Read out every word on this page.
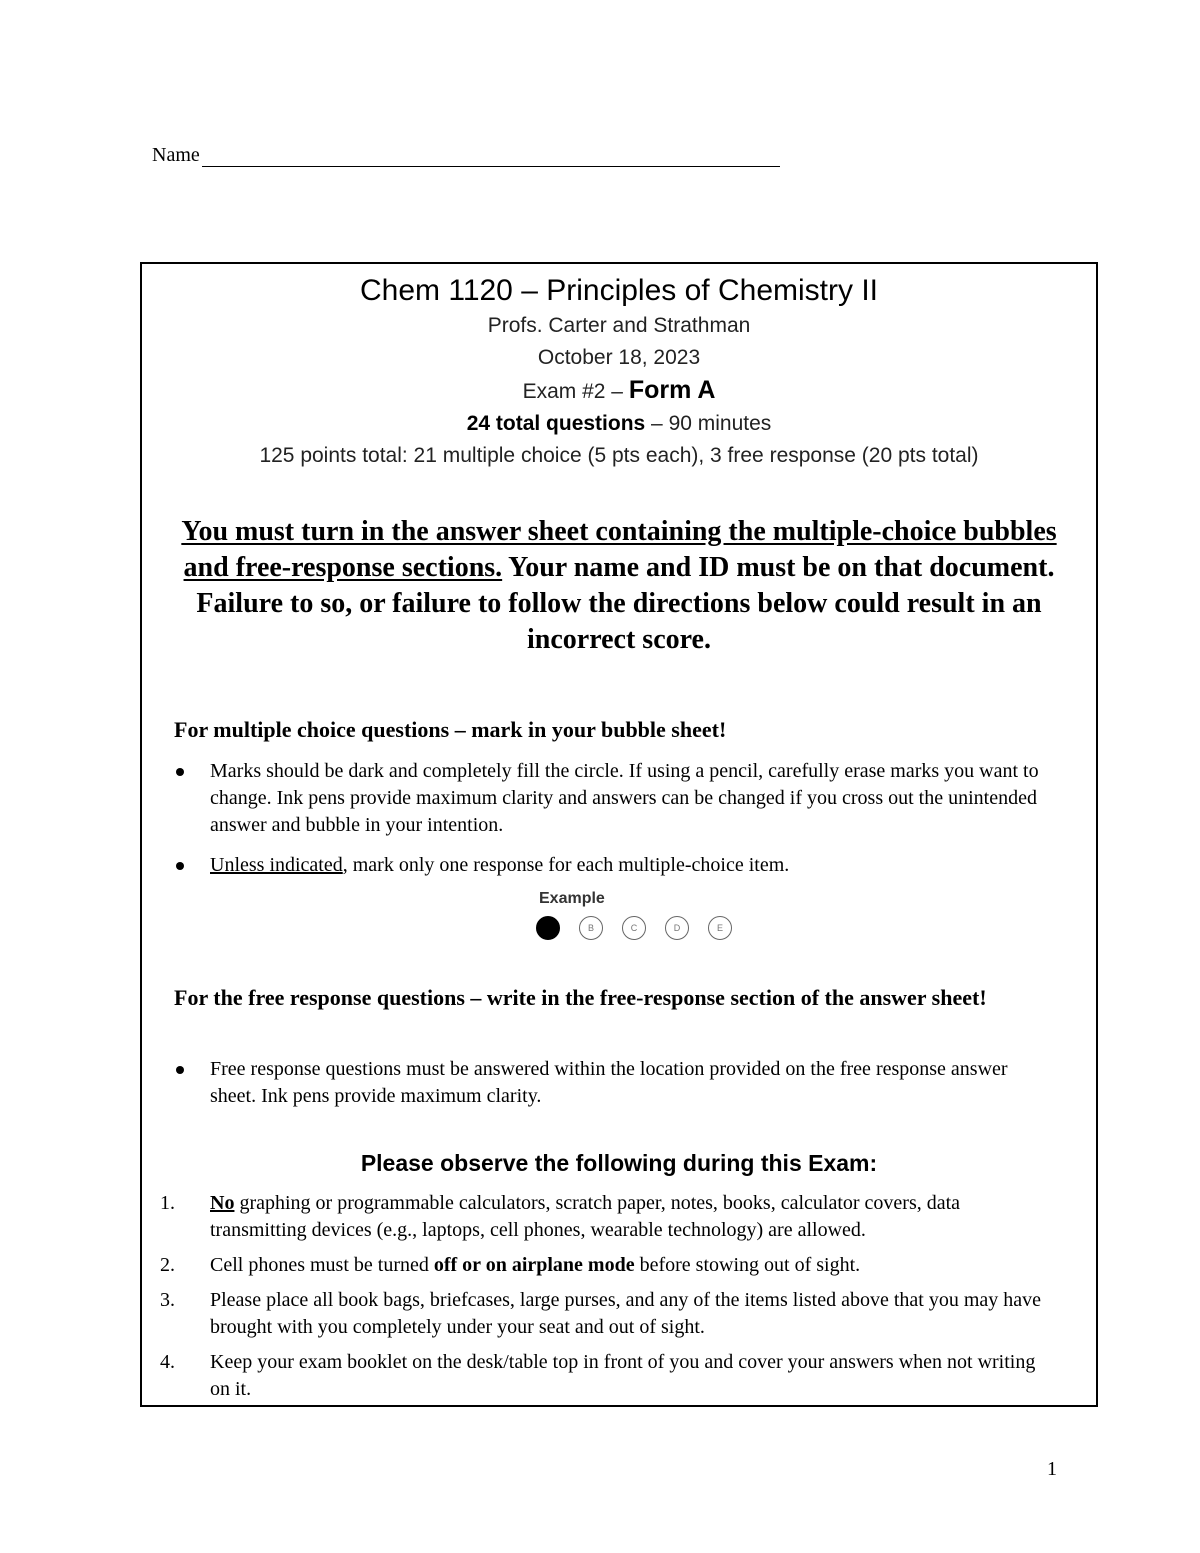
Name
Chem 1120 – Principles of Chemistry II
Profs. Carter and Strathman
October 18, 2023
Exam #2 – Form A
24 total questions – 90 minutes
125 points total: 21 multiple choice (5 pts each), 3 free response (20 pts total)
You must turn in the answer sheet containing the multiple-choice bubbles and free-response sections. Your name and ID must be on that document. Failure to so, or failure to follow the directions below could result in an incorrect score.
For multiple choice questions – mark in your bubble sheet!
Marks should be dark and completely fill the circle. If using a pencil, carefully erase marks you want to change. Ink pens provide maximum clarity and answers can be changed if you cross out the unintended answer and bubble in your intention.
Unless indicated, mark only one response for each multiple-choice item.
Example
B	C	D	E
For the free response questions – write in the free-response section of the answer sheet!
Free response questions must be answered within the location provided on the free response answer sheet. Ink pens provide maximum clarity.
Please observe the following during this Exam:
1. No graphing or programmable calculators, scratch paper, notes, books, calculator covers, data transmitting devices (e.g., laptops, cell phones, wearable technology) are allowed.
2. Cell phones must be turned off or on airplane mode before stowing out of sight.
3. Please place all book bags, briefcases, large purses, and any of the items listed above that you may have brought with you completely under your seat and out of sight.
4. Keep your exam booklet on the desk/table top in front of you and cover your answers when not writing on it.
1
